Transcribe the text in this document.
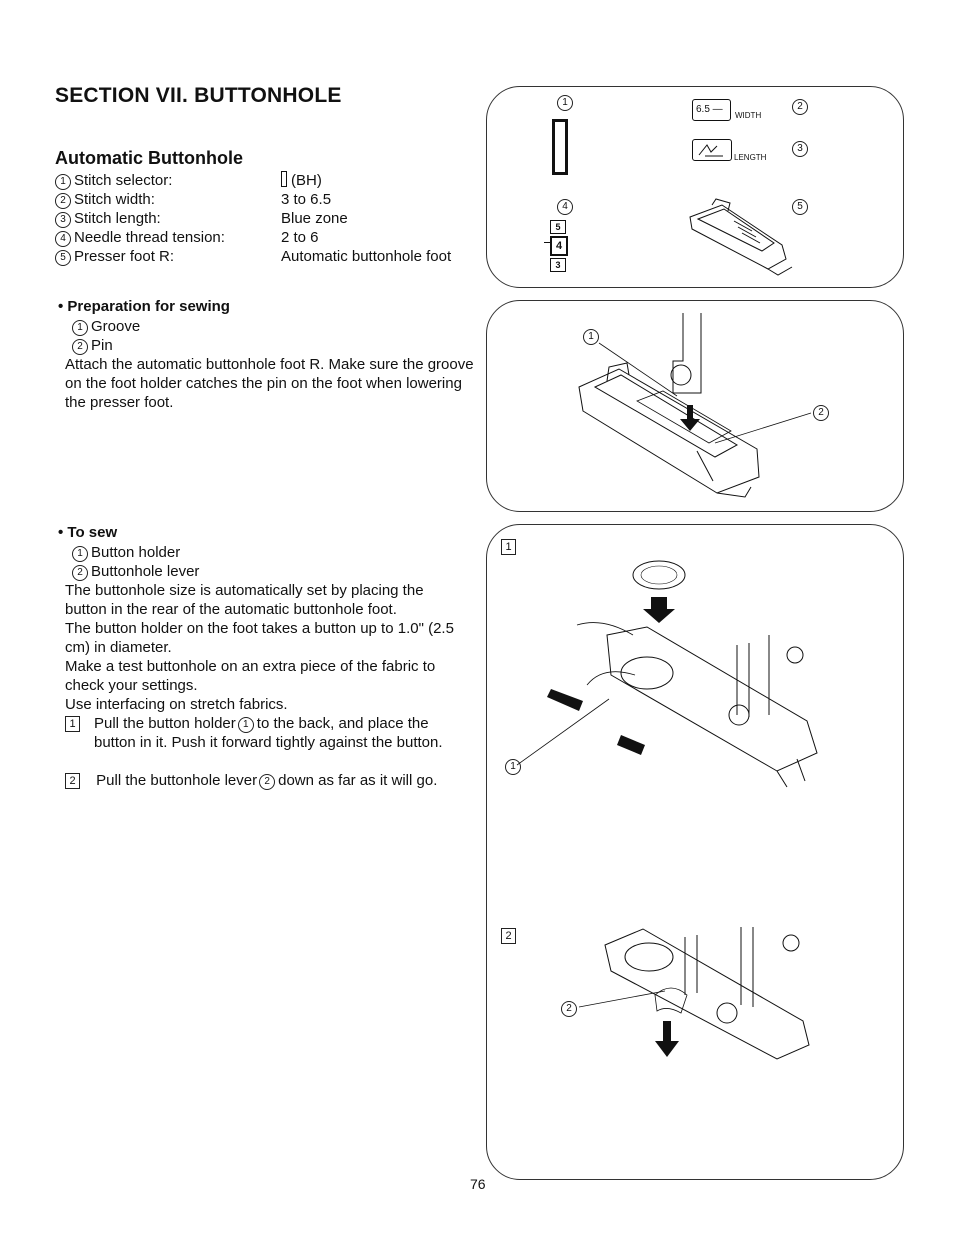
SECTION VII. BUTTONHOLE
Automatic Buttonhole
1 Stitch selector:	(BH)
2 Stitch width:	3 to 6.5
3 Stitch length:	Blue zone
4 Needle thread tension:	2 to 6
5 Presser foot R:	Automatic buttonhole foot
• Preparation for sewing
1 Groove
2 Pin
Attach the automatic buttonhole foot R. Make sure the groove on the foot holder catches the pin on the foot when lowering the presser foot.
• To sew
1 Button holder
2 Buttonhole lever
The buttonhole size is automatically set by placing the button in the rear of the automatic buttonhole foot.
The button holder on the foot takes a button up to 1.0" (2.5 cm) in diameter.
Make a test buttonhole on an extra piece of the fabric to check your settings.
Use interfacing on stretch fabrics.
1 Pull the button holder 1 to the back, and place the button in it. Push it forward tightly against the button.
2 Pull the buttonhole lever 2 down as far as it will go.
1
4
5
4
3
6.5 —
WIDTH
2
LENGTH
3
5
1
2
1
2
1
2
76
